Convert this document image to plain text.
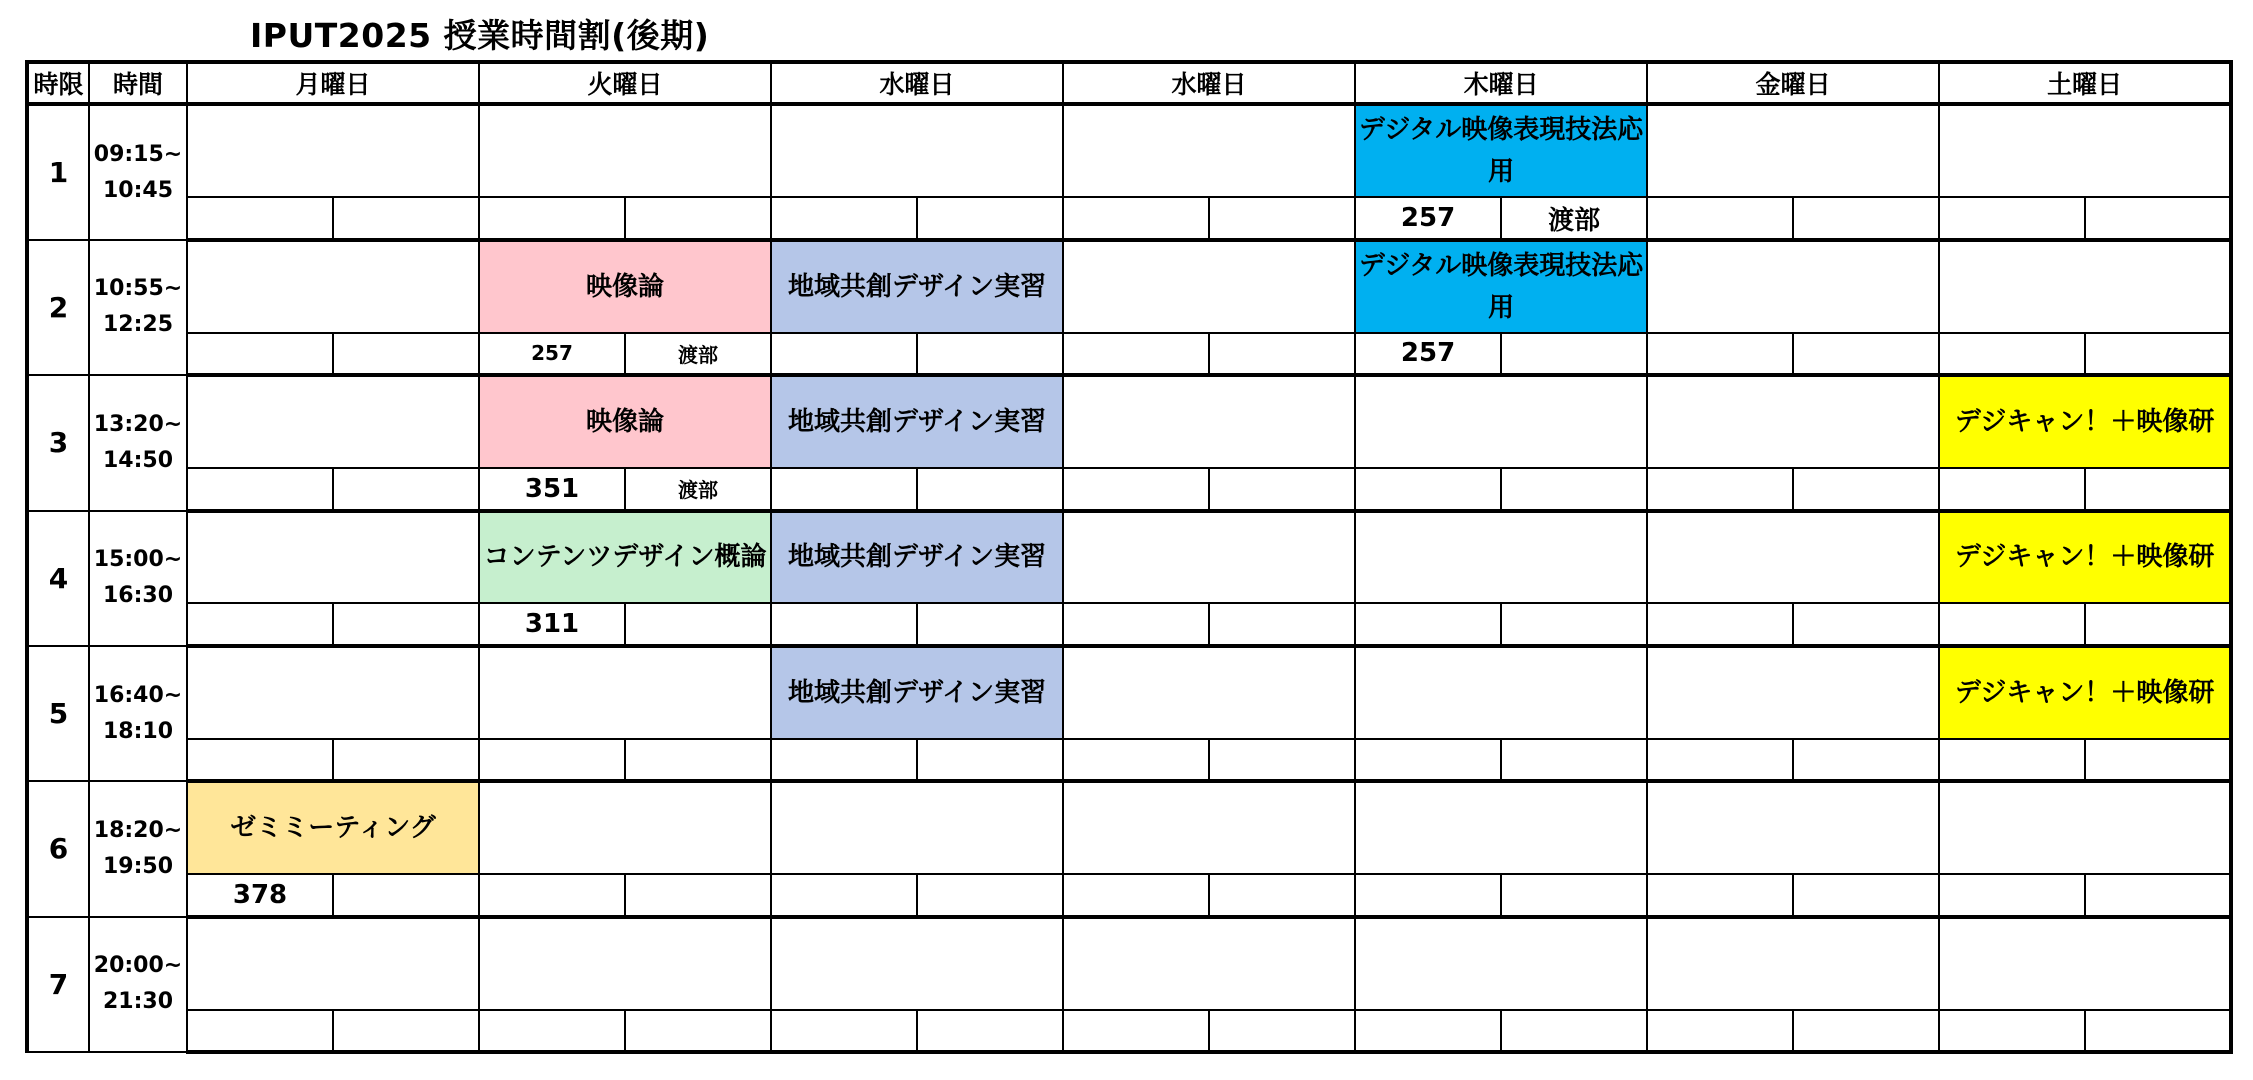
IPUT2025 授業時間割(後期)
時限	時間	月曜日		火曜日		水曜日		水曜日		木曜日		金曜日		土曜日	
1	09:15~
10:45									デジタル映像表現技法応用					
										257	渡部				
2	10:55~
12:25			映像論		地域共創デザイン実習				デジタル映像表現技法応用					
				257	渡部					257					
3	13:20~
14:50			映像論		地域共創デザイン実習								デジキャン！＋映像研	
				351	渡部										
4	15:00~
16:30			コンテンツデザイン概論		地域共創デザイン実習								デジキャン！＋映像研	
				311											
5	16:40~
18:10					地域共創デザイン実習								デジキャン！＋映像研	

6	18:20~
19:50	ゼミミーティング													
		378													
7	20:00~
21:30														
